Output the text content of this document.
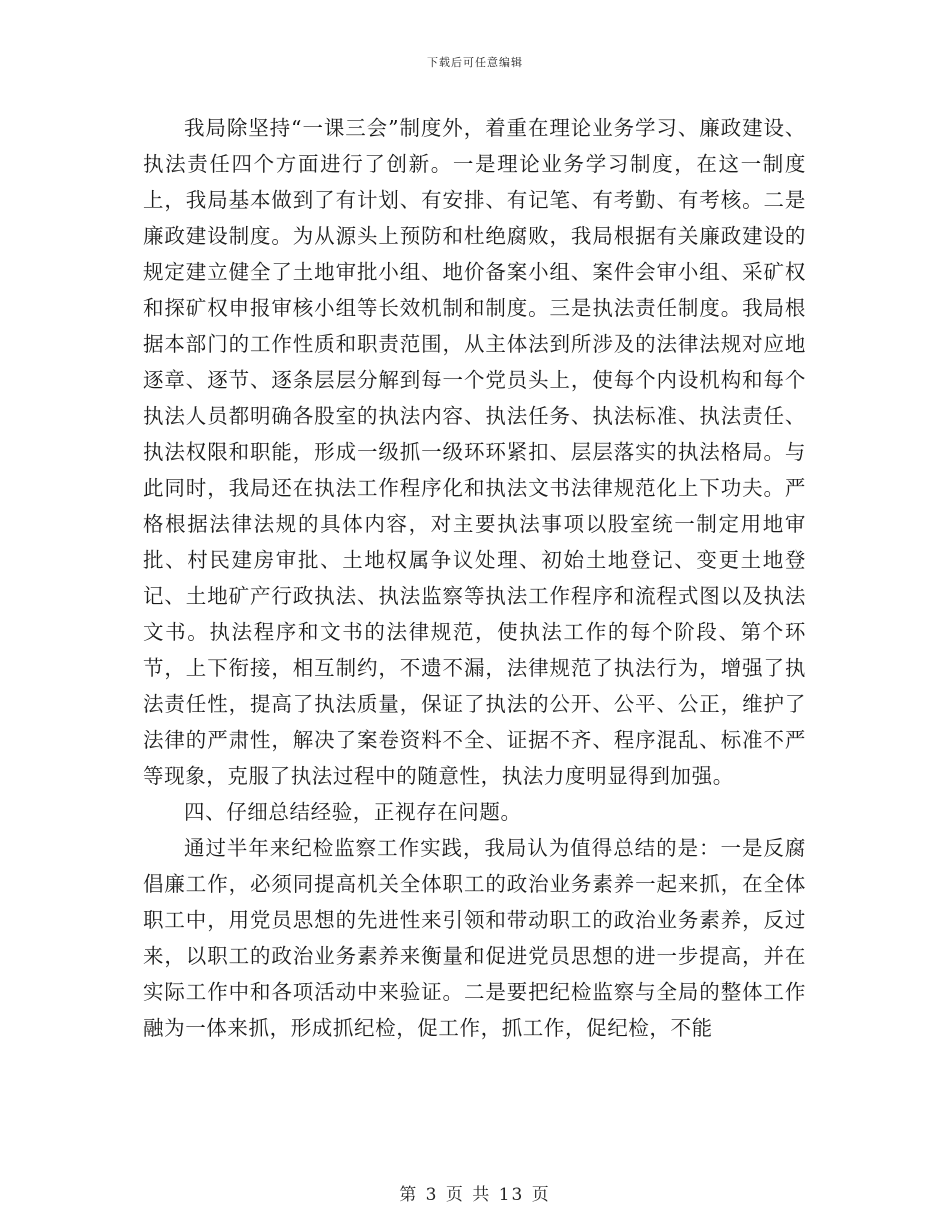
下载后可任意编辑

我局除坚持“一课三会”制度外，着重在理论业务学习、廉政建设、执法责任四个方面进行了创新。一是理论业务学习制度，在这一制度上，我局基本做到了有计划、有安排、有记笔、有考勤、有考核。二是廉政建设制度。为从源头上预防和杜绝腐败，我局根据有关廉政建设的规定建立健全了土地审批小组、地价备案小组、案件会审小组、采矿权和探矿权申报审核小组等长效机制和制度。三是执法责任制度。我局根据本部门的工作性质和职责范围，从主体法到所涉及的法律法规对应地逐章、逐节、逐条层层分解到每一个党员头上，使每个内设机构和每个执法人员都明确各股室的执法内容、执法任务、执法标准、执法责任、执法权限和职能，形成一级抓一级环环紧扣、层层落实的执法格局。与此同时，我局还在执法工作程序化和执法文书法律规范化上下功夫。严格根据法律法规的具体内容，对主要执法事项以股室统一制定用地审批、村民建房审批、土地权属争议处理、初始土地登记、变更土地登记、土地矿产行政执法、执法监察等执法工作程序和流程式图以及执法文书。执法程序和文书的法律规范，使执法工作的每个阶段、第个环节，上下衔接，相互制约，不遗不漏，法律规范了执法行为，增强了执法责任性，提高了执法质量，保证了执法的公开、公平、公正，维护了法律的严肃性，解决了案卷资料不全、证据不齐、程序混乱、标准不严等现象，克服了执法过程中的随意性，执法力度明显得到加强。

四、仔细总结经验，正视存在问题。

通过半年来纪检监察工作实践，我局认为值得总结的是：一是反腐倡廉工作，必须同提高机关全体职工的政治业务素养一起来抓，在全体职工中，用党员思想的先进性来引领和带动职工的政治业务素养，反过来，以职工的政治业务素养来衡量和促进党员思想的进一步提高，并在实际工作中和各项活动中来验证。二是要把纪检监察与全局的整体工作融为一体来抓，形成抓纪检，促工作，抓工作，促纪检，不能

第 3 页 共 13 页
